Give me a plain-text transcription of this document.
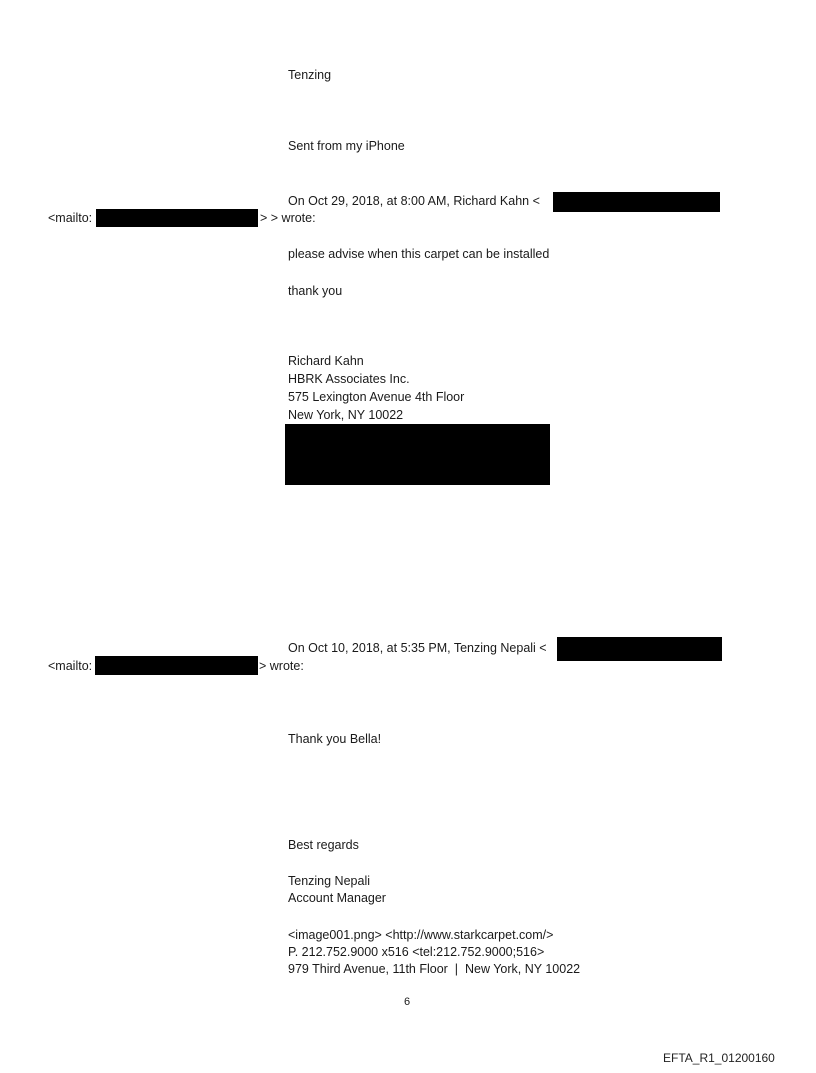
Tenzing
Sent from my iPhone
On Oct 29, 2018, at 8:00 AM, Richard Kahn <
<mailto:	> > wrote:
please advise when this carpet can be installed
thank you
Richard Kahn
HBRK Associates Inc.
575 Lexington Avenue 4th Floor
New York, NY 10022
On Oct 10, 2018, at 5:35 PM, Tenzing Nepali <
<mailto:	> wrote:
Thank you Bella!
Best regards
Tenzing Nepali
Account Manager
<image001.png> <http://www.starkcarpet.com/>
P. 212.752.9000 x516 <tel:212.752.9000;516>
979 Third Avenue, 11th Floor  |  New York, NY 10022
6
EFTA_R1_01200160
